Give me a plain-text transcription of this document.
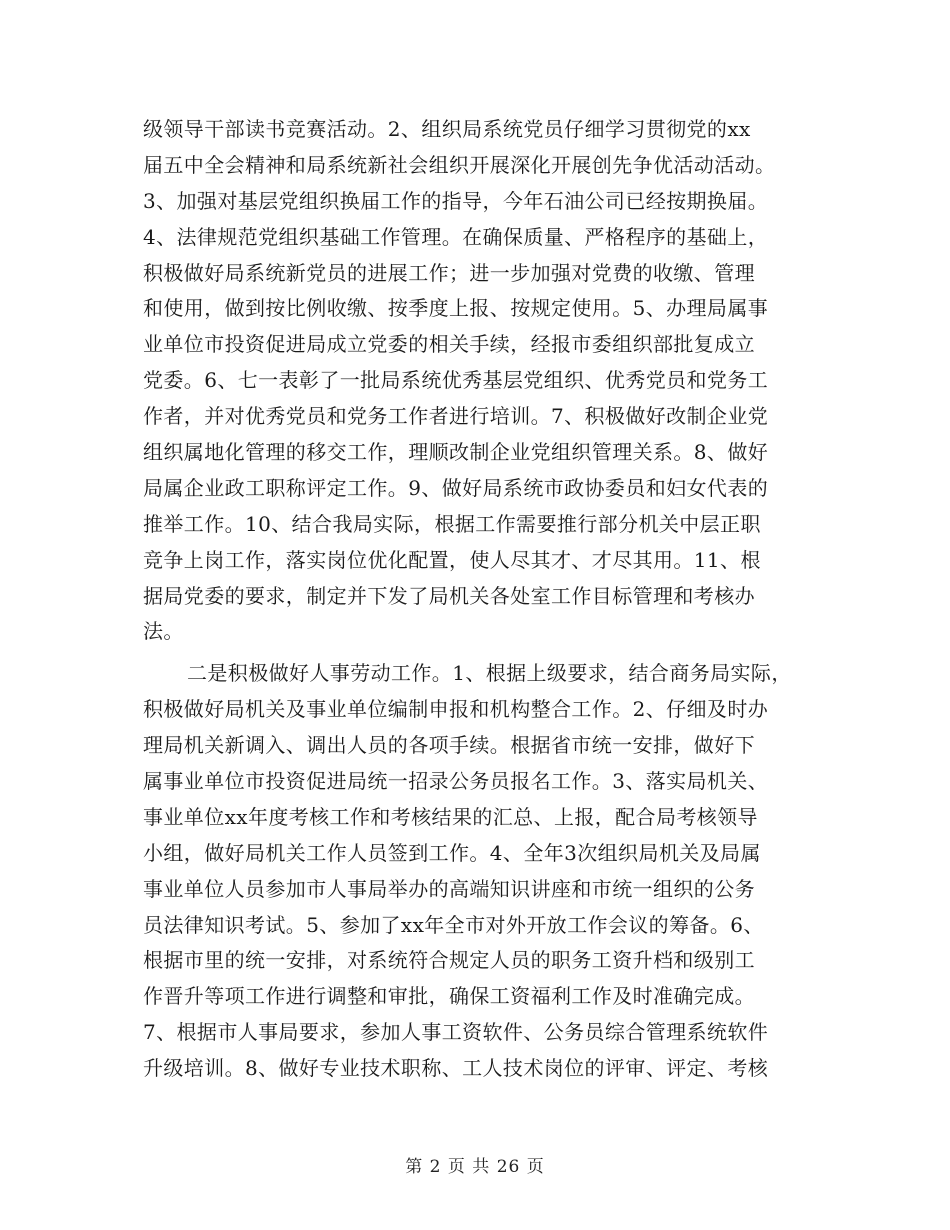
级领导干部读书竞赛活动。2、组织局系统党员仔细学习贯彻党的xx
届五中全会精神和局系统新社会组织开展深化开展创先争优活动活动。
3、加强对基层党组织换届工作的指导，今年石油公司已经按期换届。
4、法律规范党组织基础工作管理。在确保质量、严格程序的基础上，
积极做好局系统新党员的进展工作；进一步加强对党费的收缴、管理
和使用，做到按比例收缴、按季度上报、按规定使用。5、办理局属事
业单位市投资促进局成立党委的相关手续，经报市委组织部批复成立
党委。6、七一表彰了一批局系统优秀基层党组织、优秀党员和党务工
作者，并对优秀党员和党务工作者进行培训。7、积极做好改制企业党
组织属地化管理的移交工作，理顺改制企业党组织管理关系。8、做好
局属企业政工职称评定工作。9、做好局系统市政协委员和妇女代表的
推举工作。10、结合我局实际，根据工作需要推行部分机关中层正职
竞争上岗工作，落实岗位优化配置，使人尽其才、才尽其用。11、根
据局党委的要求，制定并下发了局机关各处室工作目标管理和考核办
法。
二是积极做好人事劳动工作。1、根据上级要求，结合商务局实际，
积极做好局机关及事业单位编制申报和机构整合工作。2、仔细及时办
理局机关新调入、调出人员的各项手续。根据省市统一安排，做好下
属事业单位市投资促进局统一招录公务员报名工作。3、落实局机关、
事业单位xx年度考核工作和考核结果的汇总、上报，配合局考核领导
小组，做好局机关工作人员签到工作。4、全年3次组织局机关及局属
事业单位人员参加市人事局举办的高端知识讲座和市统一组织的公务
员法律知识考试。5、参加了xx年全市对外开放工作会议的筹备。6、
根据市里的统一安排，对系统符合规定人员的职务工资升档和级别工
作晋升等项工作进行调整和审批，确保工资福利工作及时准确完成。
7、根据市人事局要求，参加人事工资软件、公务员综合管理系统软件
升级培训。8、做好专业技术职称、工人技术岗位的评审、评定、考核
第 2 页 共 26 页
